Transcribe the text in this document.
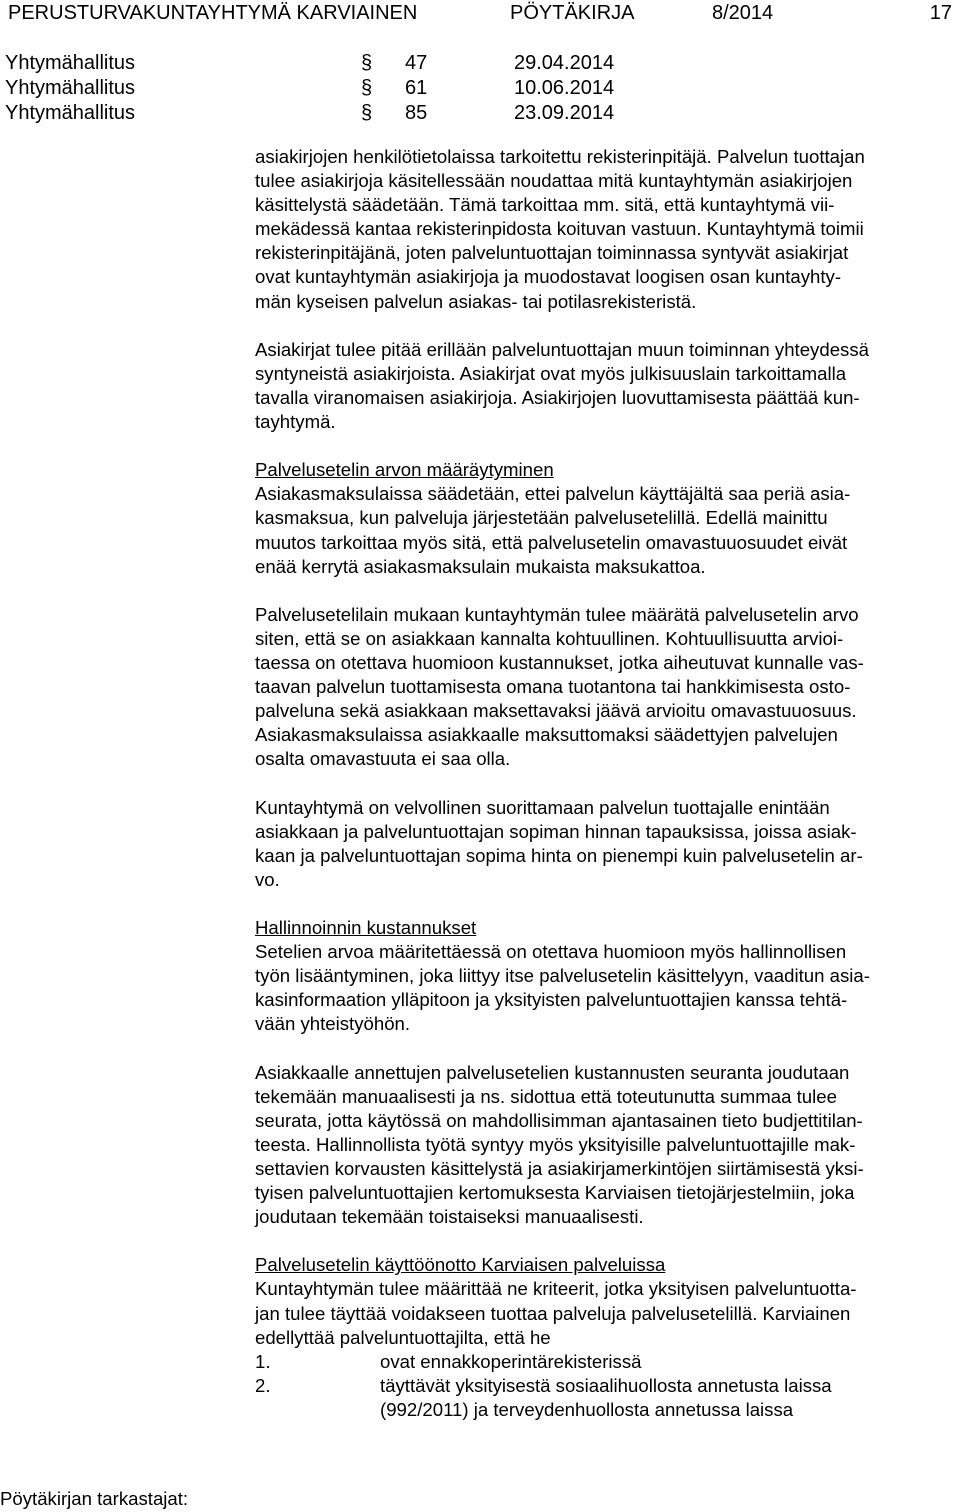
PERUSTURVAKUNTAYHTYMÄ KARVIAINEN	PÖYTÄKIRJA	8/2014	17
Yhtymähallitus	§ 47	29.04.2014
Yhtymähallitus	§ 61	10.06.2014
Yhtymähallitus	§ 85	23.09.2014

asiakirjojen henkilötietolaissa tarkoitettu rekisterinpitäjä. Palvelun tuottajan
tulee asiakirjoja käsitellessään noudattaa mitä kuntayhtymän asiakirjojen
käsittelystä säädetään. Tämä tarkoittaa mm. sitä, että kuntayhtymä vii-
mekädessä kantaa rekisterinpidosta koituvan vastuun. Kuntayhtymä toimii
rekisterinpitäjänä, joten palveluntuottajan toiminnassa syntyvät asiakirjat
ovat kuntayhtymän asiakirjoja ja muodostavat loogisen osan kuntayhty-
män kyseisen palvelun asiakas- tai potilasrekisteristä.

Asiakirjat tulee pitää erillään palveluntuottajan muun toiminnan yhteydessä
syntyneistä asiakirjoista. Asiakirjat ovat myös julkisuuslain tarkoittamalla
tavalla viranomaisen asiakirjoja. Asiakirjojen luovuttamisesta päättää kun-
tayhtymä.

Palvelusetelin arvon määräytyminen
Asiakasmaksulaissa säädetään, ettei palvelun käyttäjältä saa periä asia-
kasmaksua, kun palveluja järjestetään palvelusetelillä. Edellä mainittu
muutos tarkoittaa myös sitä, että palvelusetelin omavastuuosuudet eivät
enää kerrytä asiakasmaksulain mukaista maksukattoa.

Palvelusetelilain mukaan kuntayhtymän tulee määrätä palvelusetelin arvo
siten, että se on asiakkaan kannalta kohtuullinen. Kohtuullisuutta arvioi-
taessa on otettava huomioon kustannukset, jotka aiheutuvat kunnalle vas-
taavan palvelun tuottamisesta omana tuotantona tai hankkimisesta osto-
palveluna sekä asiakkaan maksettavaksi jäävä arvioitu omavastuuosuus.
Asiakasmaksulaissa asiakkaalle maksuttomaksi säädettyjen palvelujen
osalta omavastuuta ei saa olla.

Kuntayhtymä on velvollinen suorittamaan palvelun tuottajalle enintään
asiakkaan ja palveluntuottajan sopiman hinnan tapauksissa, joissa asiak-
kaan ja palveluntuottajan sopima hinta on pienempi kuin palvelusetelin ar-
vo.

Hallinnoinnin kustannukset
Setelien arvoa määritettäessä on otettava huomioon myös hallinnollisen
työn lisääntyminen, joka liittyy itse palvelusetelin käsittelyyn, vaaditun asia-
kasinformaation ylläpitoon ja yksityisten palveluntuottajien kanssa tehtä-
vään yhteistyöhön.

Asiakkaalle annettujen palvelusetelien kustannusten seuranta joudutaan
tekemään manuaalisesti ja ns. sidottua että toteutunutta summaa tulee
seurata, jotta käytössä on mahdollisimman ajantasainen tieto budjettitilan-
teesta. Hallinnollista työtä syntyy myös yksityisille palveluntuottajille mak-
settavien korvausten käsittelystä ja asiakirjamerkintöjen siirtämisestä yksi-
tyisen palveluntuottajien kertomuksesta Karviaisen tietojärjestelmiin, joka
joudutaan tekemään toistaiseksi manuaalisesti.

Palvelusetelin käyttöönotto Karviaisen palveluissa
Kuntayhtymän tulee määrittää ne kriteerit, jotka yksityisen palveluntuotta-
jan tulee täyttää voidakseen tuottaa palveluja palvelusetelillä. Karviainen
edellyttää palveluntuottajilta, että he
1.	ovat ennakkoperintärekisterissä
2.	täyttävät yksityisestä sosiaalihuollosta annetusta laissa
(992/2011) ja terveydenhuollosta annetussa laissa

Pöytäkirjan tarkastajat:
